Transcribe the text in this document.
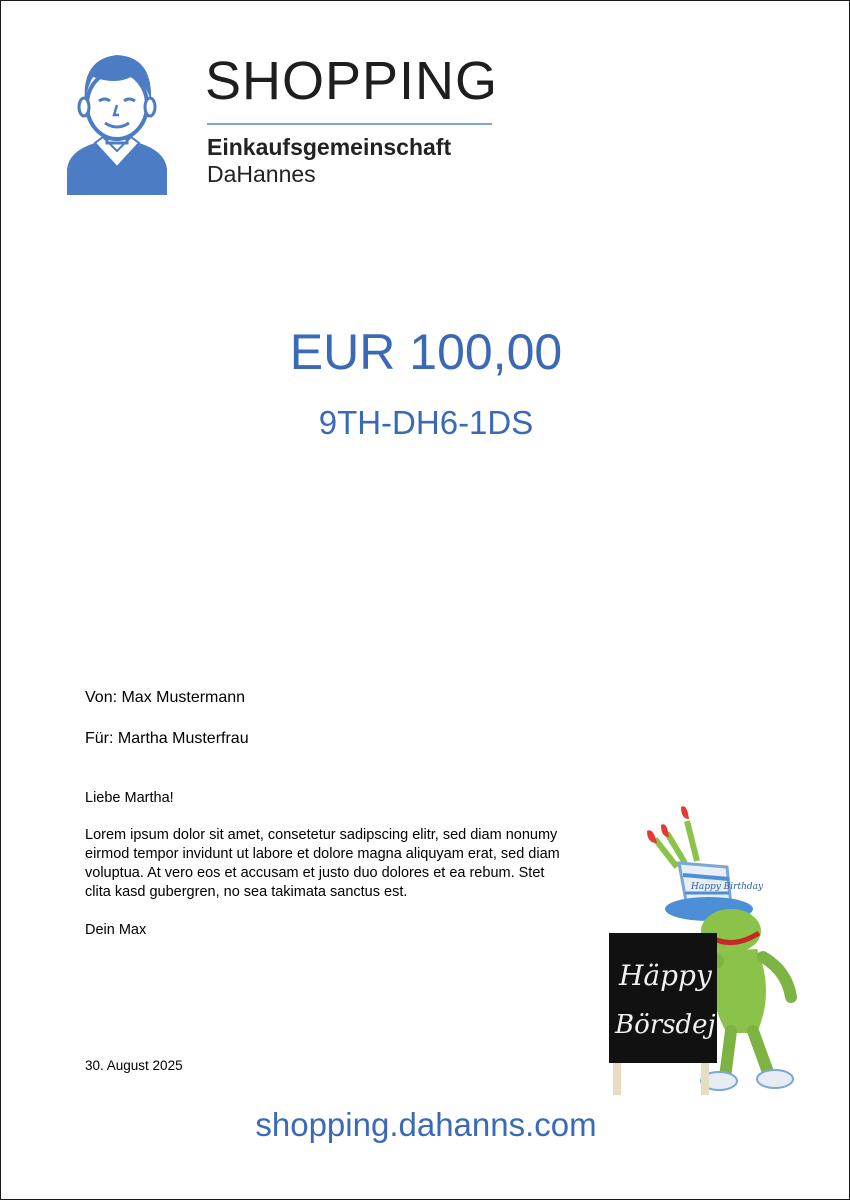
SHOPPING
Einkaufsgemeinschaft
DaHannes
EUR 100,00
9TH-DH6-1DS
Von: Max Mustermann
Für: Martha Musterfrau
Liebe Martha!
Lorem ipsum dolor sit amet, consetetur sadipscing elitr, sed diam nonumy eirmod tempor invidunt ut labore et dolore magna aliquyam erat, sed diam voluptua. At vero eos et accusam et justo duo dolores et ea rebum. Stet clita kasd gubergren, no sea takimata sanctus est.
Dein Max
30. August 2025
Happy Birthday
Häppy
Börsdej
shopping.dahanns.com
